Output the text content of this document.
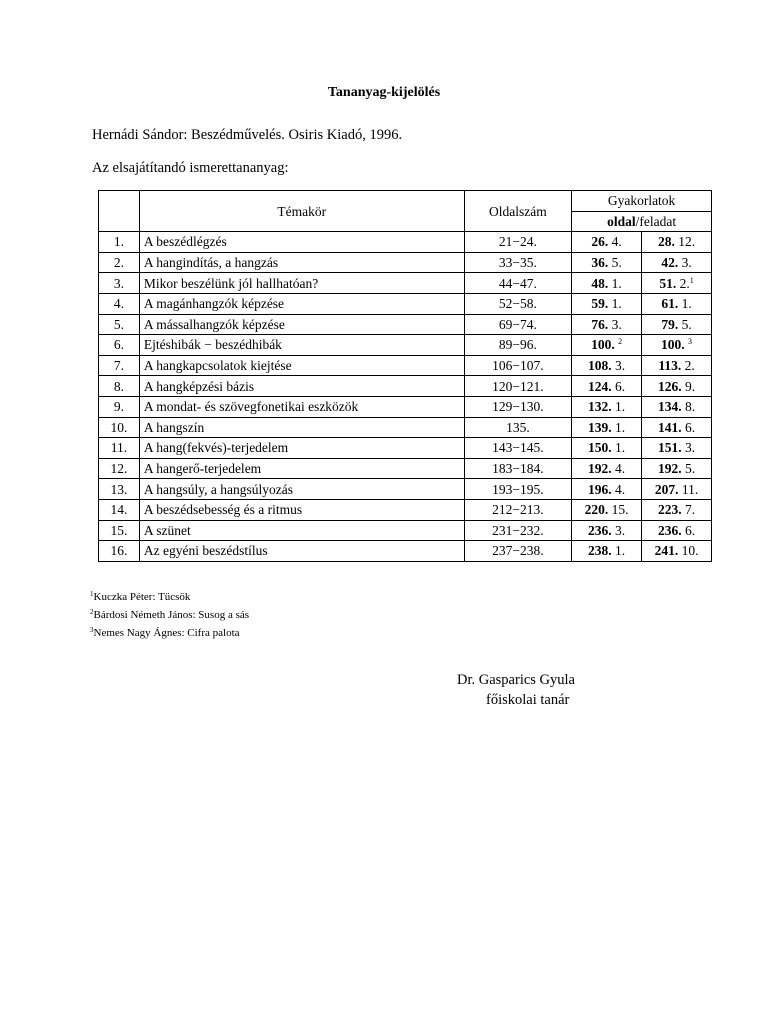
Tananyag-kijelölés
Hernádi Sándor: Beszédművelés. Osiris Kiadó, 1996.
Az elsajátítandó ismerettananyag:
	Témakör	Oldalszám	Gyakorlatok	
			oldal/feladat	
1.	A beszédlégzés	21−24.	26. 4.	28. 12.
2.	A hangindítás, a hangzás	33−35.	36. 5.	42. 3.
3.	Mikor beszélünk jól hallhatóan?	44−47.	48. 1.	51. 2.$^1$
4.	A magánhangzók képzése	52−58.	59. 1.	61. 1.
5.	A mássalhangzók képzése	69−74.	76. 3.	79. 5.
6.	Ejtéshibák − beszédhibák	89−96.	100. $^2$	100. $^3$
7.	A hangkapcsolatok kiejtése	106−107.	108. 3.	113. 2.
8.	A hangképzési bázis	120−121.	124. 6.	126. 9.
9.	A mondat- és szövegfonetikai eszközök	129−130.	132. 1.	134. 8.
10.	A hangszín	135.	139. 1.	141. 6.
11.	A hang(fekvés)-terjedelem	143−145.	150. 1.	151. 3.
12.	A hangerő-terjedelem	183−184.	192. 4.	192. 5.
13.	A hangsúly, a hangsúlyozás	193−195.	196. 4.	207. 11.
14.	A beszédsebesség és a ritmus	212−213.	220. 15.	223. 7.
15.	A szünet	231−232.	236. 3.	236. 6.
16.	Az egyéni beszédstílus	237−238.	238. 1.	241. 10.
$^1$Kuczka Péter: Tücsök
$^2$Bárdosi Németh János: Susog a sás
$^3$Nemes Nagy Ágnes: Cifra palota
Dr. Gasparics Gyula
főiskolai tanár
